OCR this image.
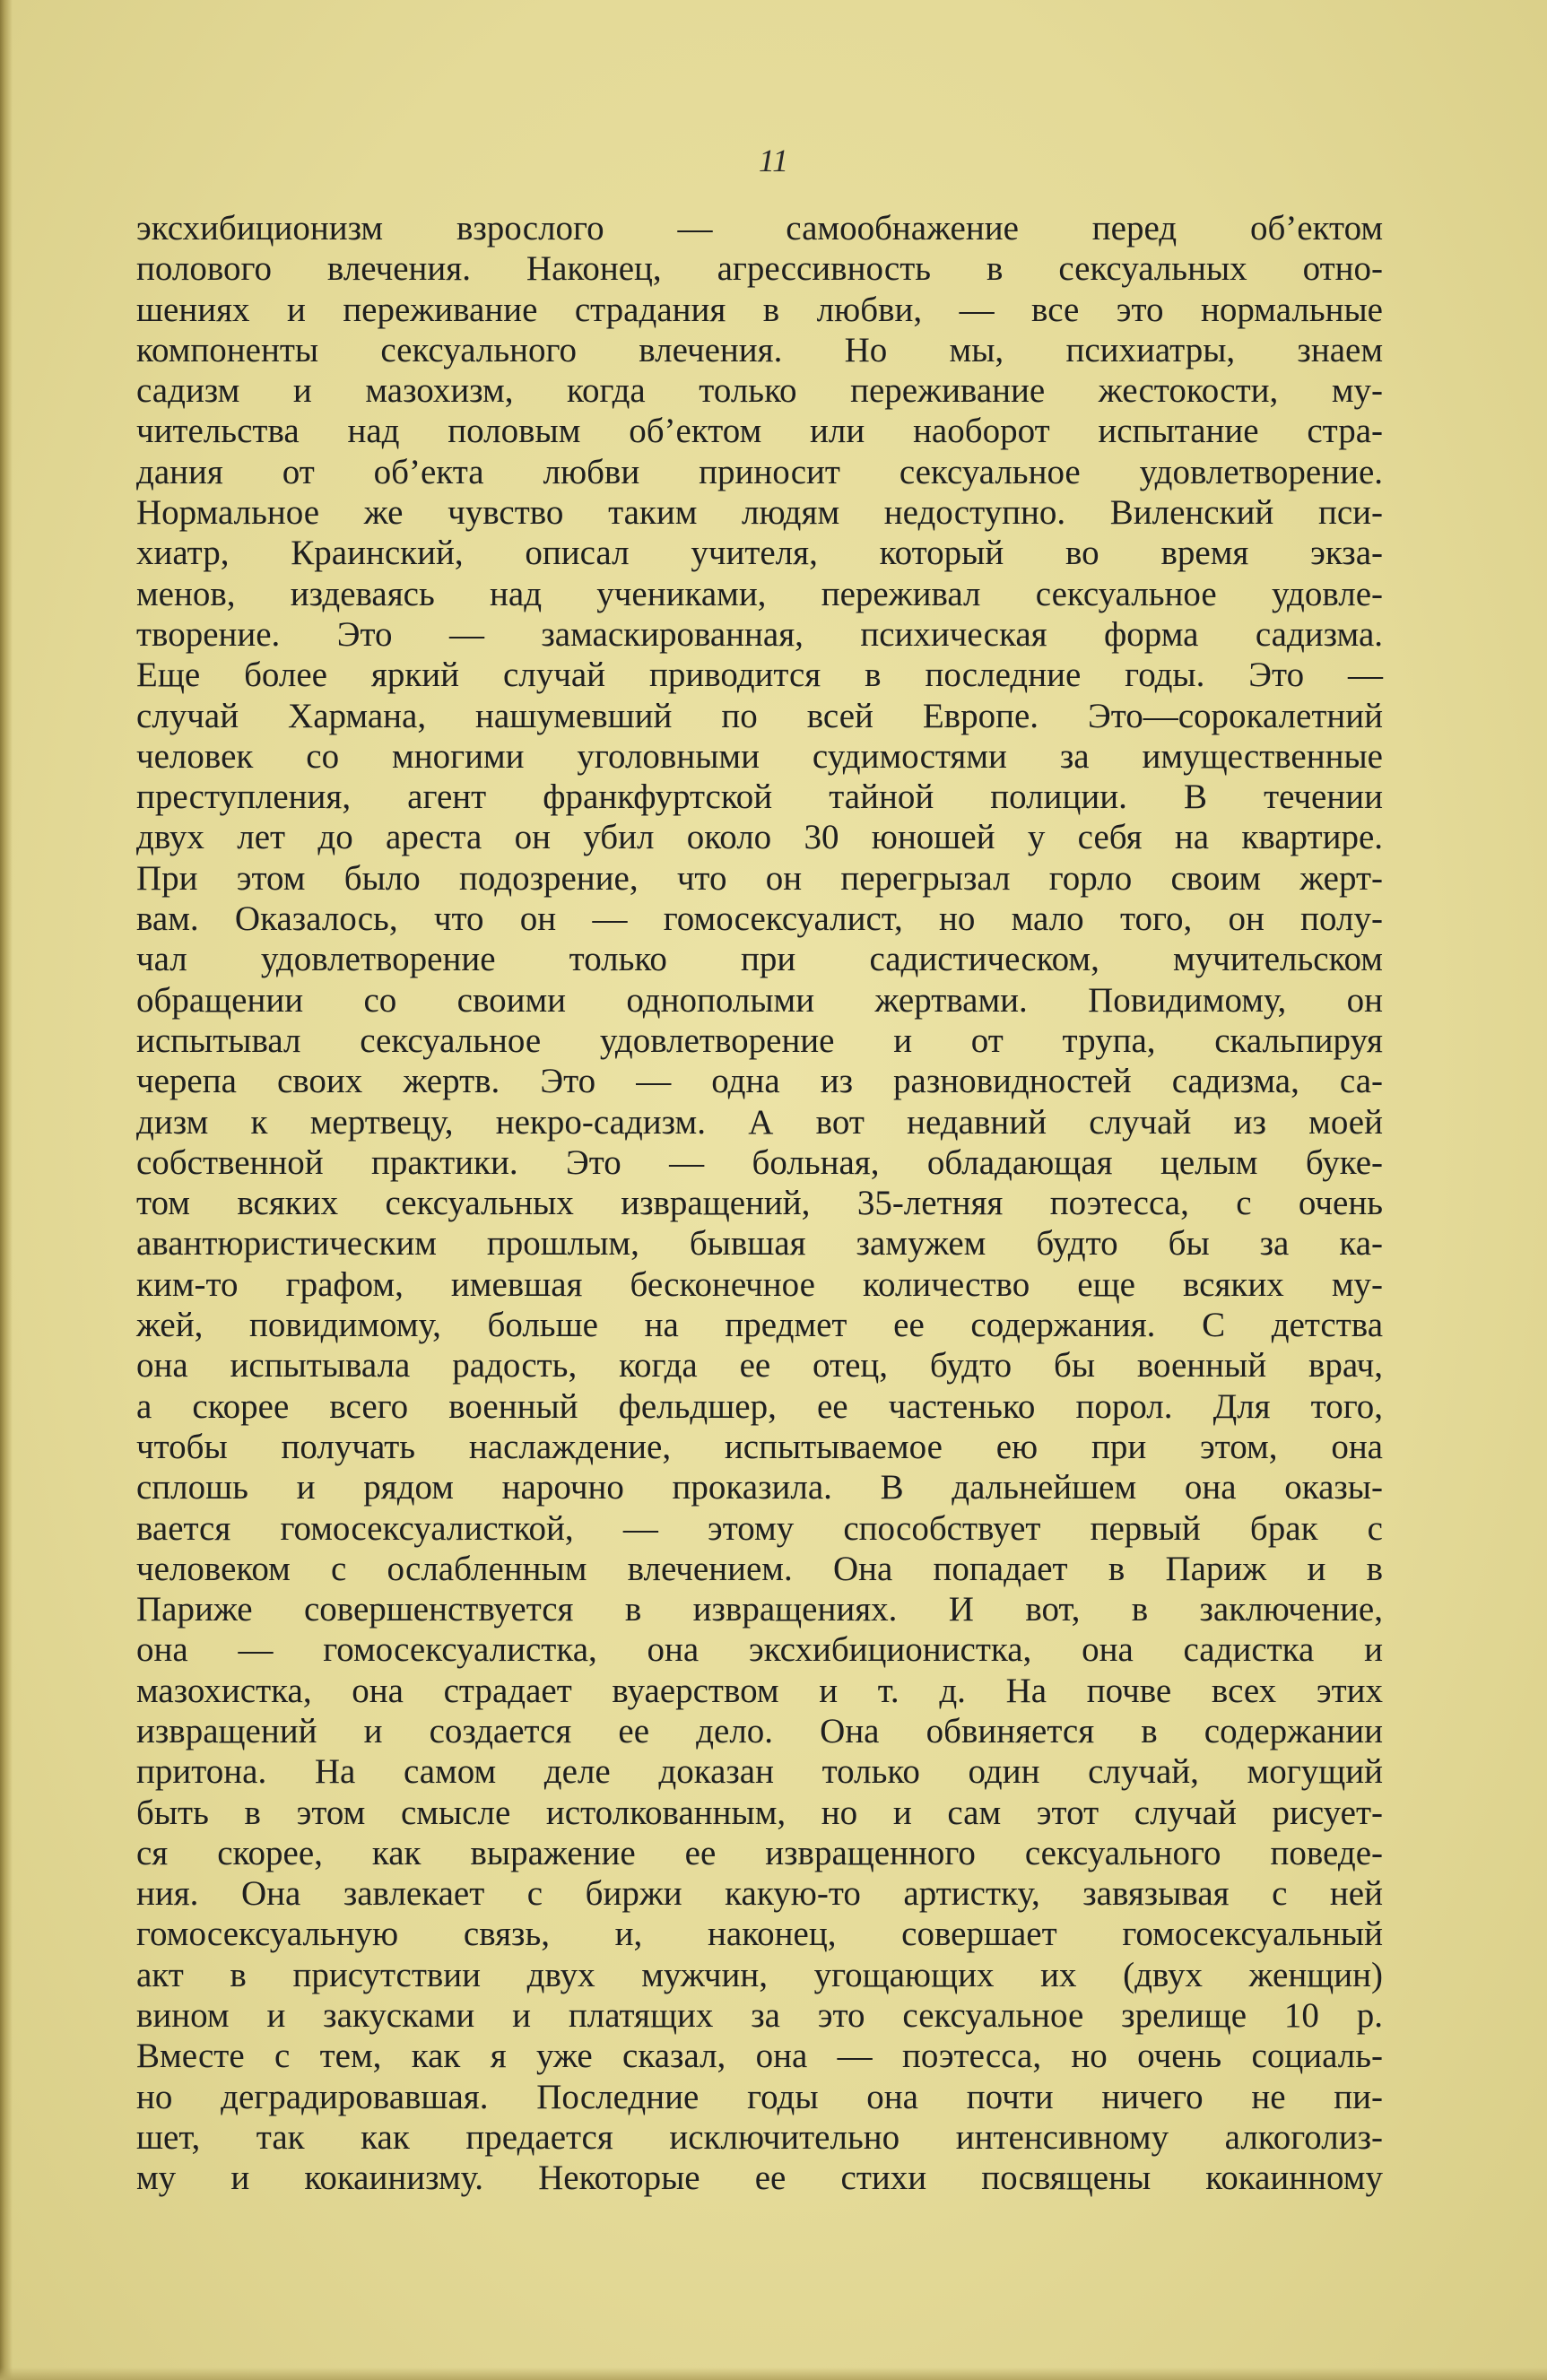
11

эксхибиционизм взрослого — самообнажение перед об’ектом
полового влечения. Наконец, агрессивность в сексуальных отно-
шениях и переживание страдания в любви, — все это нормальные
компоненты сексуального влечения. Но мы, психиатры, знаем
садизм и мазохизм, когда только переживание жестокости, му-
чительства над половым об’ектом или наоборот испытание стра-
дания от об’екта любви приносит сексуальное удовлетворение.
Нормальное же чувство таким людям недоступно. Виленский пси-
хиатр, Краинский, описал учителя, который во время экза-
менов, издеваясь над учениками, переживал сексуальное удовле-
творение. Это — замаскированная, психическая форма садизма.
Еще более яркий случай приводится в последние годы. Это —
случай Хармана, нашумевший по всей Европе. Это—сорокалетний
человек со многими уголовными судимостями за имущественные
преступления, агент франкфуртской тайной полиции. В течении
двух лет до ареста он убил около 30 юношей у себя на квартире.
При этом было подозрение, что он перегрызал горло своим жерт-
вам. Оказалось, что он — гомосексуалист, но мало того, он полу-
чал удовлетворение только при садистическом, мучительском
обращении со своими однополыми жертвами. Повидимому, он
испытывал сексуальное удовлетворение и от трупа, скальпируя
черепа своих жертв. Это — одна из разновидностей садизма, са-
дизм к мертвецу, некро-садизм. А вот недавний случай из моей
собственной практики. Это — больная, обладающая целым буке-
том всяких сексуальных извращений, 35-летняя поэтесса, с очень
авантюристическим прошлым, бывшая замужем будто бы за ка-
ким-то графом, имевшая бесконечное количество еще всяких му-
жей, повидимому, больше на предмет ее содержания. С детства
она испытывала радость, когда ее отец, будто бы военный врач,
а скорее всего военный фельдшер, ее частенько порол. Для того,
чтобы получать наслаждение, испытываемое ею при этом, она
сплошь и рядом нарочно проказила. В дальнейшем она оказы-
вается гомосексуалисткой, — этому способствует первый брак с
человеком с ослабленным влечением. Она попадает в Париж и в
Париже совершенствуется в извращениях. И вот, в заключение,
она — гомосексуалистка, она эксхибиционистка, она садистка и
мазохистка, она страдает вуаерством и т. д. На почве всех этих
извращений и создается ее дело. Она обвиняется в содержании
притона. На самом деле доказан только один случай, могущий
быть в этом смысле истолкованным, но и сам этот случай рисует-
ся скорее, как выражение ее извращенного сексуального поведе-
ния. Она завлекает с биржи какую-то артистку, завязывая с ней
гомосексуальную связь, и, наконец, совершает гомосексуальный
акт в присутствии двух мужчин, угощающих их (двух женщин)
вином и закусками и платящих за это сексуальное зрелище 10 р.
Вместе с тем, как я уже сказал, она — поэтесса, но очень социаль-
но деградировавшая. Последние годы она почти ничего не пи-
шет, так как предается исключительно интенсивному алкоголиз-
му и кокаинизму. Некоторые ее стихи посвящены кокаинному
